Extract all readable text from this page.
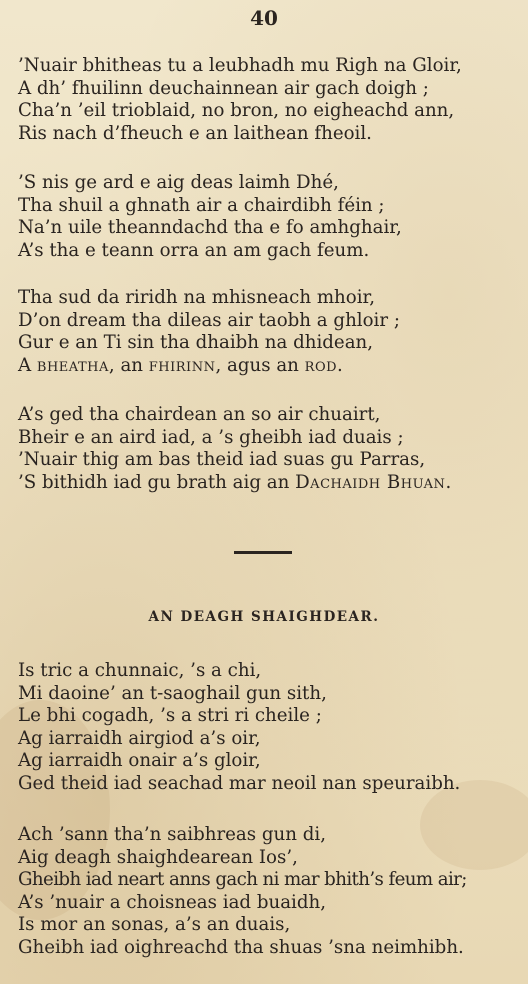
40
’Nuair bhitheas tu a leubhadh mu Righ na Gloir,
A dh’ fhuilinn deuchainnean air gach doigh ;
Cha’n ’eil trioblaid, no bron, no eigheachd ann,
Ris nach d’fheuch e an laithean fheoil.
’S nis ge ard e aig deas laimh Dhé,
Tha shuil a ghnath air a chairdibh féin ;
Na’n uile theanndachd tha e fo amhghair,
A’s tha e teann orra an am gach feum.
Tha sud da riridh na mhisneach mhoir,
D’on dream tha dileas air taobh a ghloir ;
Gur e an Ti sin tha dhaibh na dhidean,
A bheatha, an fhirinn, agus an rod.
A’s ged tha chairdean an so air chuairt,
Bheir e an aird iad, a ’s gheibh iad duais ;
’Nuair thig am bas theid iad suas gu Parras,
’S bithidh iad gu brath aig an Dachaidh Bhuan.
AN DEAGH SHAIGHDEAR.
Is tric a chunnaic, ’s a chi,
Mi daoine’ an t-saoghail gun sith,
Le bhi cogadh, ’s a stri ri cheile ;
Ag iarraidh airgiod a’s oir,
Ag iarraidh onair a’s gloir,
Ged theid iad seachad mar neoil nan speuraibh.
Ach ’sann tha’n saibhreas gun di,
Aig deagh shaighdearean Ios’,
Gheibh iad neart anns gach ni mar bhith’s feum air;
A’s ’nuair a choisneas iad buaidh,
Is mor an sonas, a’s an duais,
Gheibh iad oighreachd tha shuas ’sna neimhibh.
